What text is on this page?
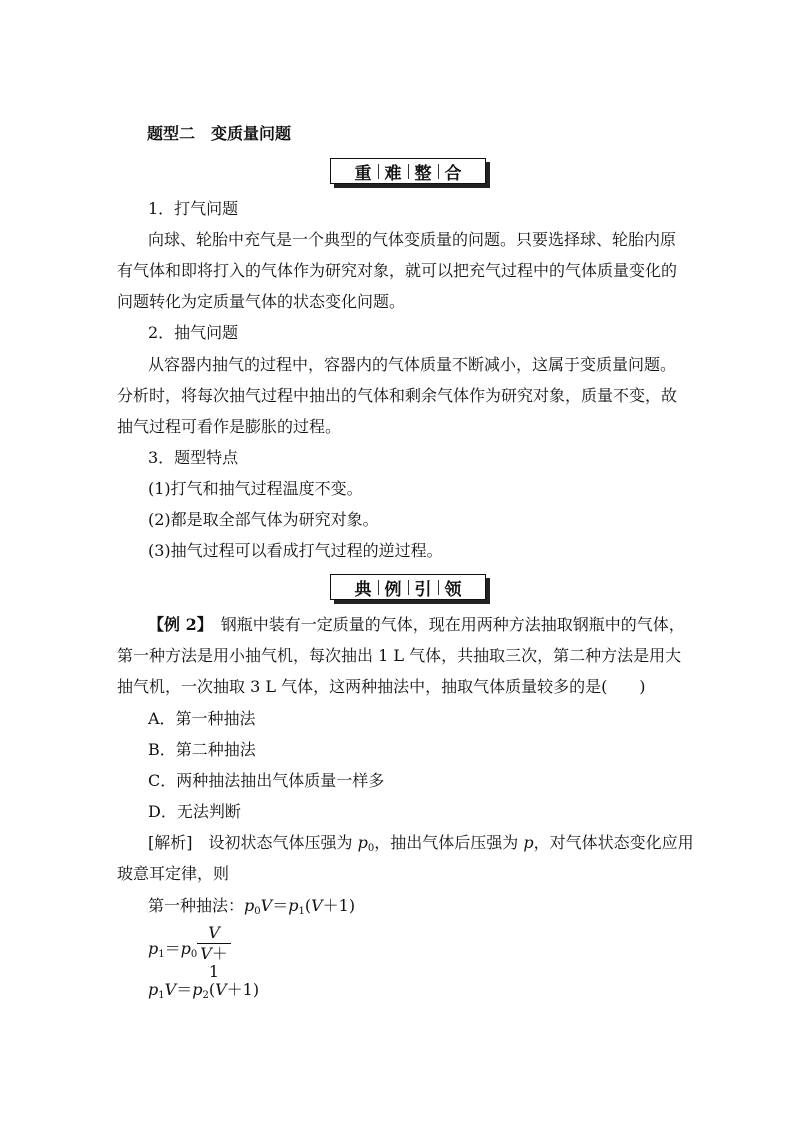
题型二　变质量问题
重 难 整 合
1．打气问题
向球、轮胎中充气是一个典型的气体变质量的问题。只要选择球、轮胎内原
有气体和即将打入的气体作为研究对象，就可以把充气过程中的气体质量变化的
问题转化为定质量气体的状态变化问题。
2．抽气问题
从容器内抽气的过程中，容器内的气体质量不断减小，这属于变质量问题。
分析时，将每次抽气过程中抽出的气体和剩余气体作为研究对象，质量不变，故
抽气过程可看作是膨胀的过程。
3．题型特点
(1)打气和抽气过程温度不变。
(2)都是取全部气体为研究对象。
(3)抽气过程可以看成打气过程的逆过程。
典 例 引 领
【例 2】　 钢瓶中装有一定质量的气体，现在用两种方法抽取钢瓶中的气体，
第一种方法是用小抽气机，每次抽出 1 L 气体，共抽取三次，第二种方法是用大
抽气机，一次抽取 3 L 气体，这两种抽法中，抽取气体质量较多的是(　　)
A．第一种抽法
B．第二种抽法
C．两种抽法抽出气体质量一样多
D．无法判断
[解析]　 设初状态气体压强为 $p_0$，抽出气体后压强为 p，对气体状态变化应用
玻意耳定律，则
第一种抽法：$p_0V=p_1(V+1)$
$p_1=p_0$
V
V＋1
$p_1V=p_2(V+1)$
